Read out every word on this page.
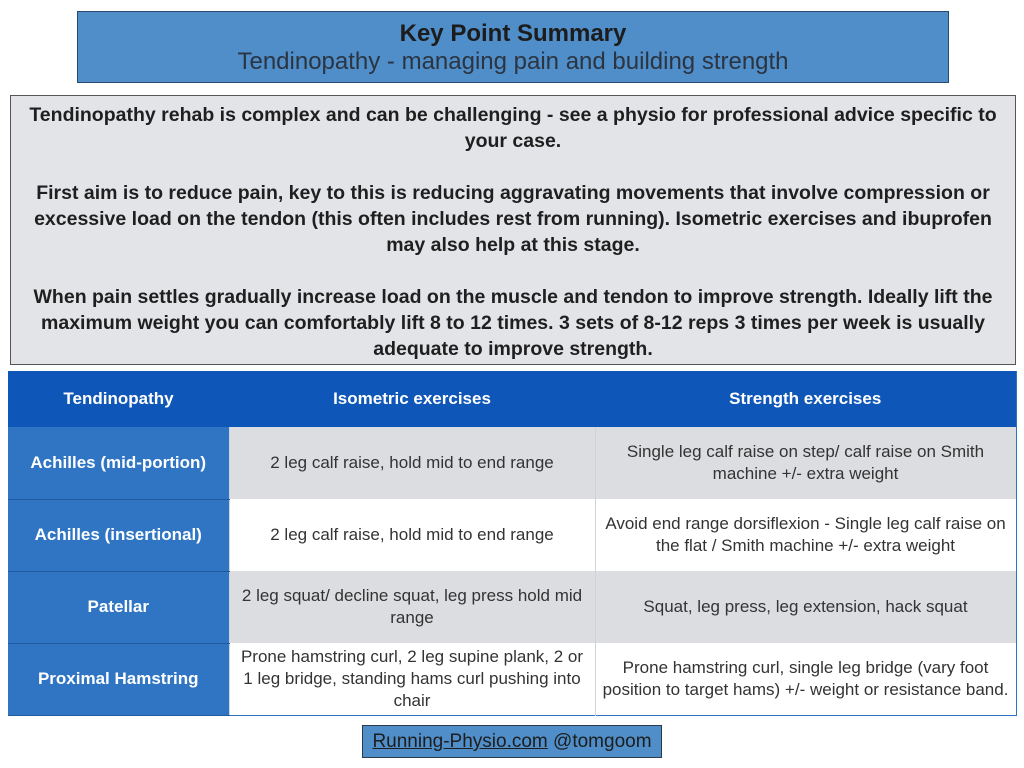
Key Point Summary
Tendinopathy - managing pain and building strength

Tendinopathy rehab is complex and can be challenging - see a physio for professional advice specific to your case.

First aim is to reduce pain, key to this is reducing aggravating movements that involve compression or excessive load on the tendon (this often includes rest from running). Isometric exercises and ibuprofen may also help at this stage.

When pain settles gradually increase load on the muscle and tendon to improve strength. Ideally lift the maximum weight you can comfortably lift 8 to 12 times. 3 sets of 8-12 reps 3 times per week is usually adequate to improve strength.

Tendinopathy	Isometric exercises	Strength exercises
Achilles (mid-portion)	2 leg calf raise, hold mid to end range	Single leg calf raise on step/ calf raise on Smith machine +/- extra weight
Achilles (insertional)	2 leg calf raise, hold mid to end range	Avoid end range dorsiflexion - Single leg calf raise on the flat / Smith machine +/- extra weight
Patellar	2 leg squat/ decline squat, leg press hold mid range	Squat, leg press, leg extension, hack squat
Proximal Hamstring	Prone hamstring curl, 2 leg supine plank, 2 or 1 leg bridge, standing hams curl pushing into chair	Prone hamstring curl, single leg bridge (vary foot position to target hams) +/- weight or resistance band.
Running-Physio.com @tomgoom
